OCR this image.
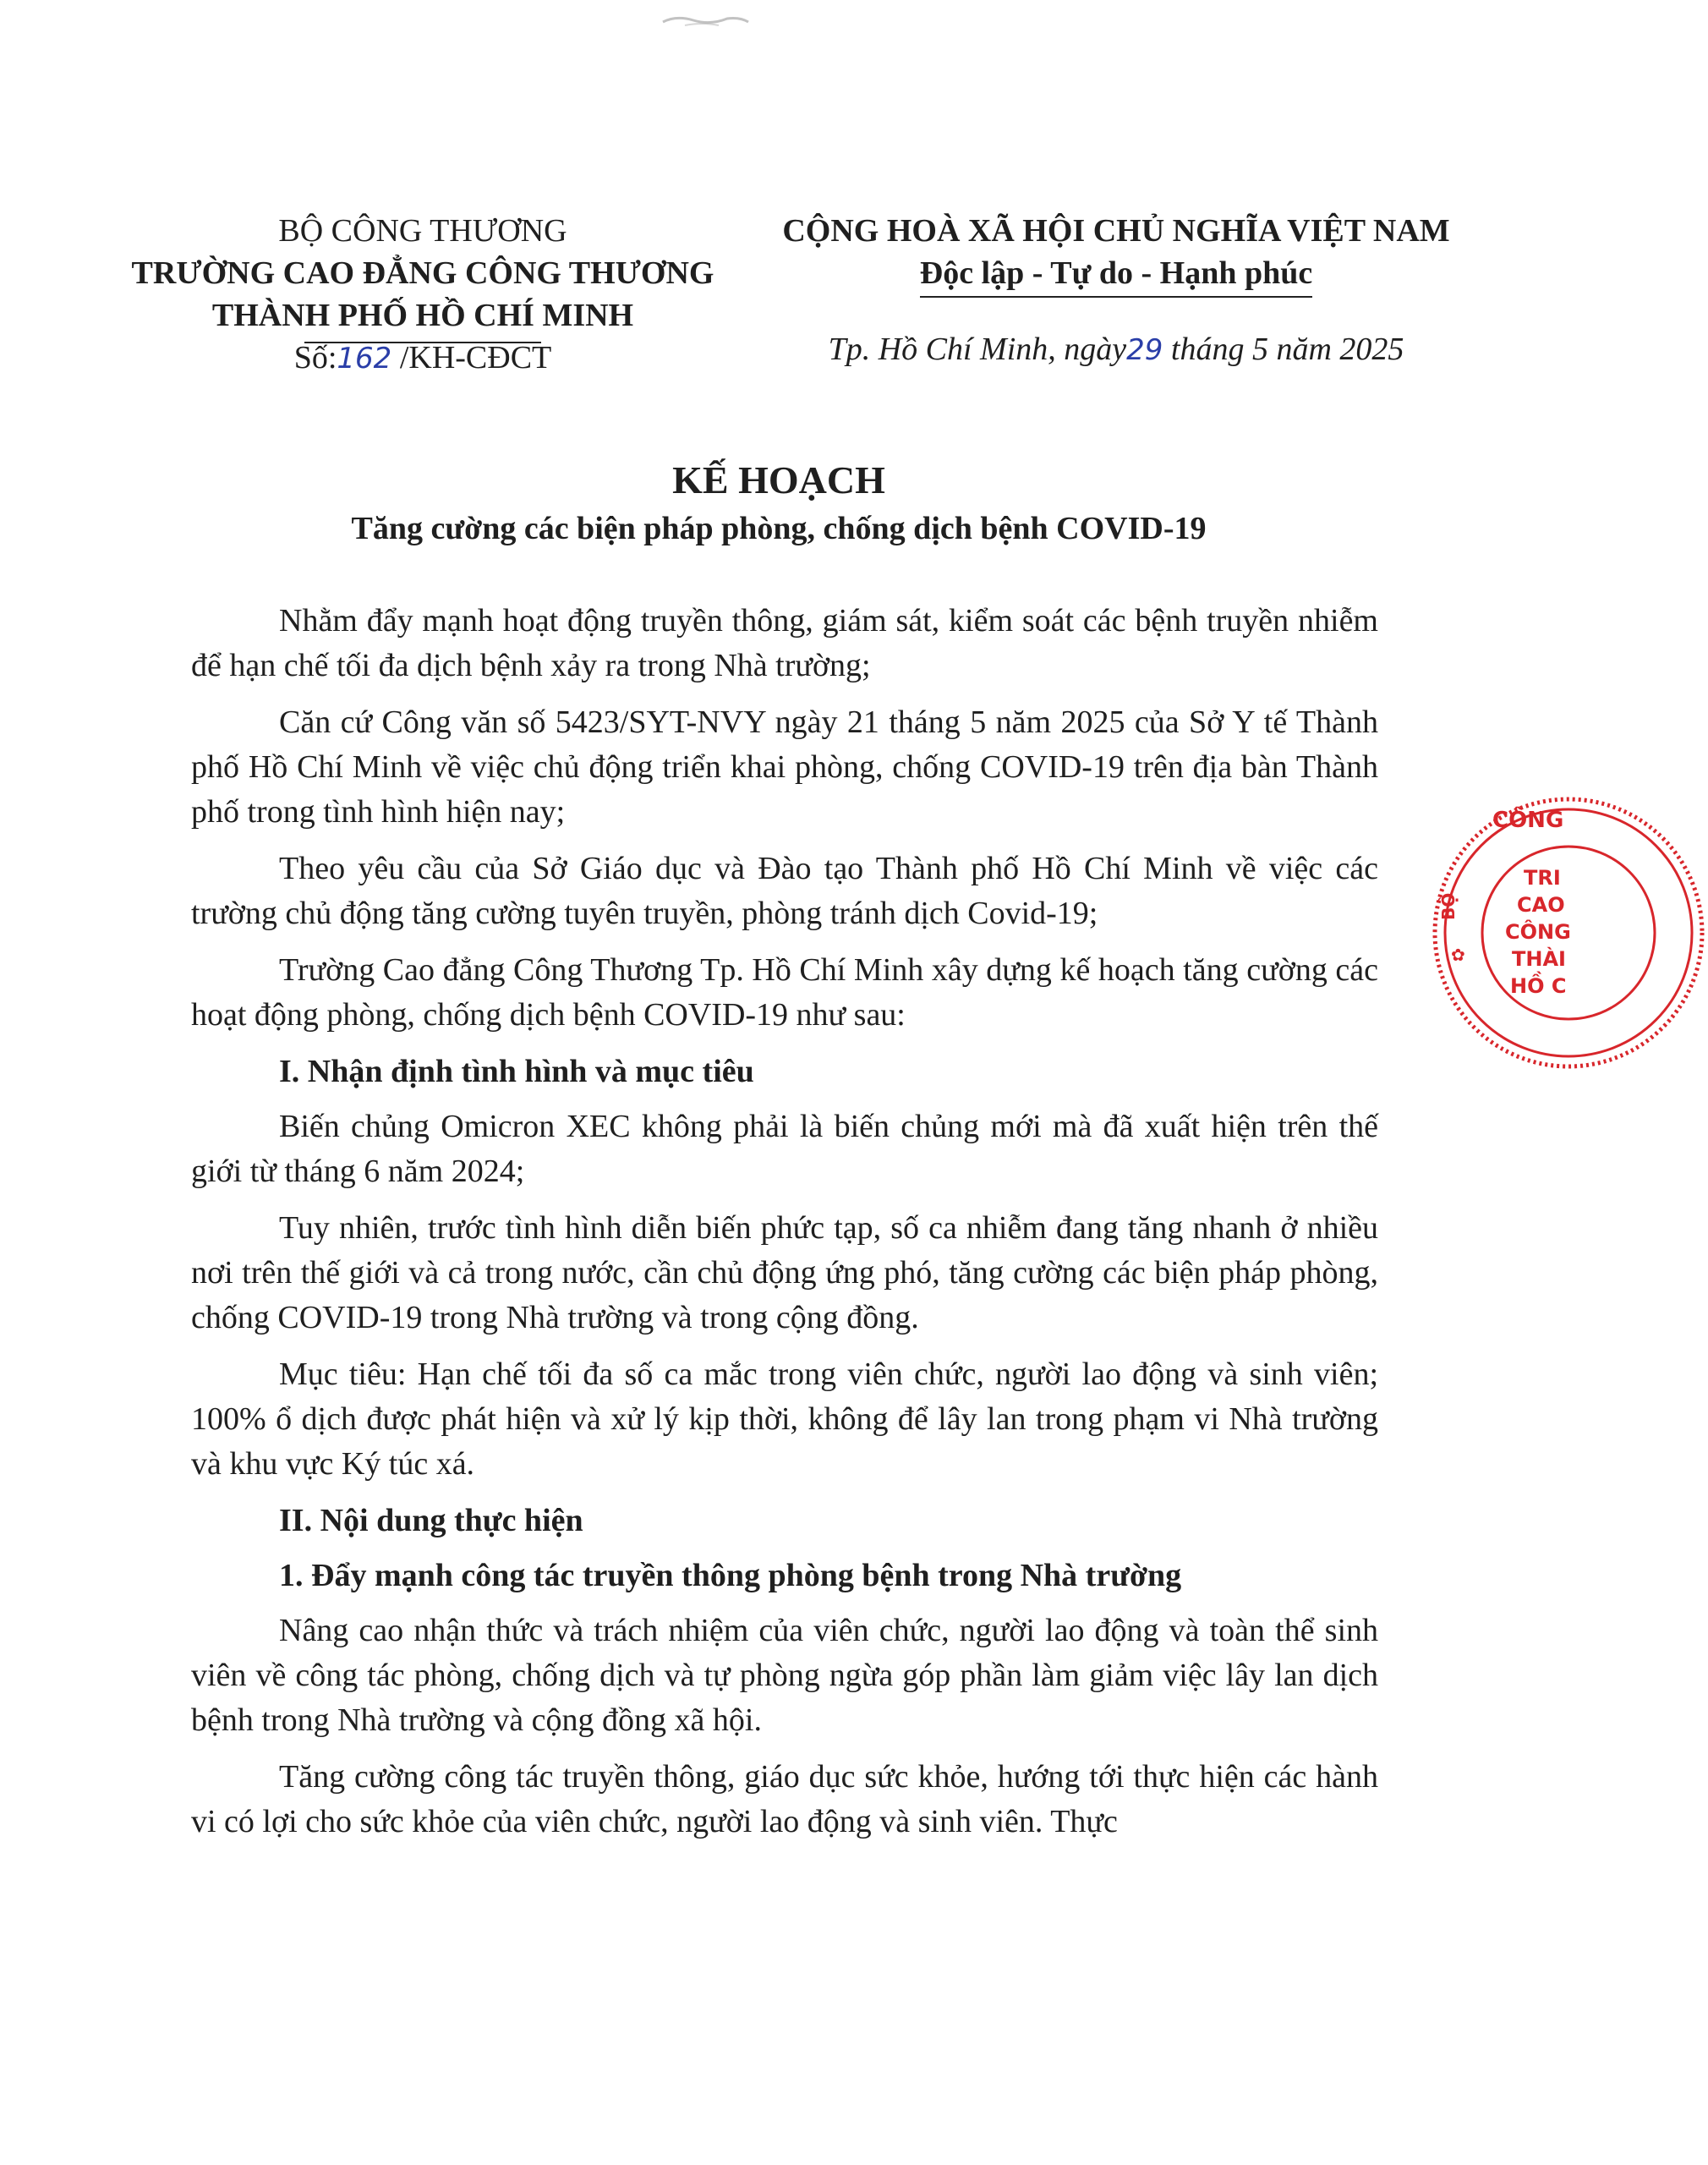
BỘ CÔNG THƯƠNG
TRƯỜNG CAO ĐẲNG CÔNG THƯƠNG
THÀNH PHỐ HỒ CHÍ MINH
Số:162 /KH-CĐCT
CỘNG HOÀ XÃ HỘI CHỦ NGHĨA VIỆT NAM
Độc lập - Tự do - Hạnh phúc
Tp. Hồ Chí Minh, ngày29 tháng 5 năm 2025
KẾ HOẠCH
Tăng cường các biện pháp phòng, chống dịch bệnh COVID-19

Nhằm đẩy mạnh hoạt động truyền thông, giám sát, kiểm soát các bệnh truyền nhiễm để hạn chế tối đa dịch bệnh xảy ra trong Nhà trường;

Căn cứ Công văn số 5423/SYT-NVY ngày 21 tháng 5 năm 2025 của Sở Y tế Thành phố Hồ Chí Minh về việc chủ động triển khai phòng, chống COVID-19 trên địa bàn Thành phố trong tình hình hiện nay;

Theo yêu cầu của Sở Giáo dục và Đào tạo Thành phố Hồ Chí Minh về việc các trường chủ động tăng cường tuyên truyền, phòng tránh dịch Covid-19;

Trường Cao đẳng Công Thương Tp. Hồ Chí Minh xây dựng kế hoạch tăng cường các hoạt động phòng, chống dịch bệnh COVID-19 như sau:

I. Nhận định tình hình và mục tiêu

Biến chủng Omicron XEC không phải là biến chủng mới mà đã xuất hiện trên thế giới từ tháng 6 năm 2024;

Tuy nhiên, trước tình hình diễn biến phức tạp, số ca nhiễm đang tăng nhanh ở nhiều nơi trên thế giới và cả trong nước, cần chủ động ứng phó, tăng cường các biện pháp phòng, chống COVID-19 trong Nhà trường và trong cộng đồng.

Mục tiêu: Hạn chế tối đa số ca mắc trong viên chức, người lao động và sinh viên; 100% ổ dịch được phát hiện và xử lý kịp thời, không để lây lan trong phạm vi Nhà trường và khu vực Ký túc xá.

II. Nội dung thực hiện

1. Đẩy mạnh công tác truyền thông phòng bệnh trong Nhà trường

Nâng cao nhận thức và trách nhiệm của viên chức, người lao động và toàn thể sinh viên về công tác phòng, chống dịch và tự phòng ngừa góp phần làm giảm việc lây lan dịch bệnh trong Nhà trường và cộng đồng xã hội.

Tăng cường công tác truyền thông, giáo dục sức khỏe, hướng tới thực hiện các hành vi có lợi cho sức khỏe của viên chức, người lao động và sinh viên. Thực

CÔNG
TRI
CAO
CÔNG
THÀI
HỒ C
BỘ
✿
